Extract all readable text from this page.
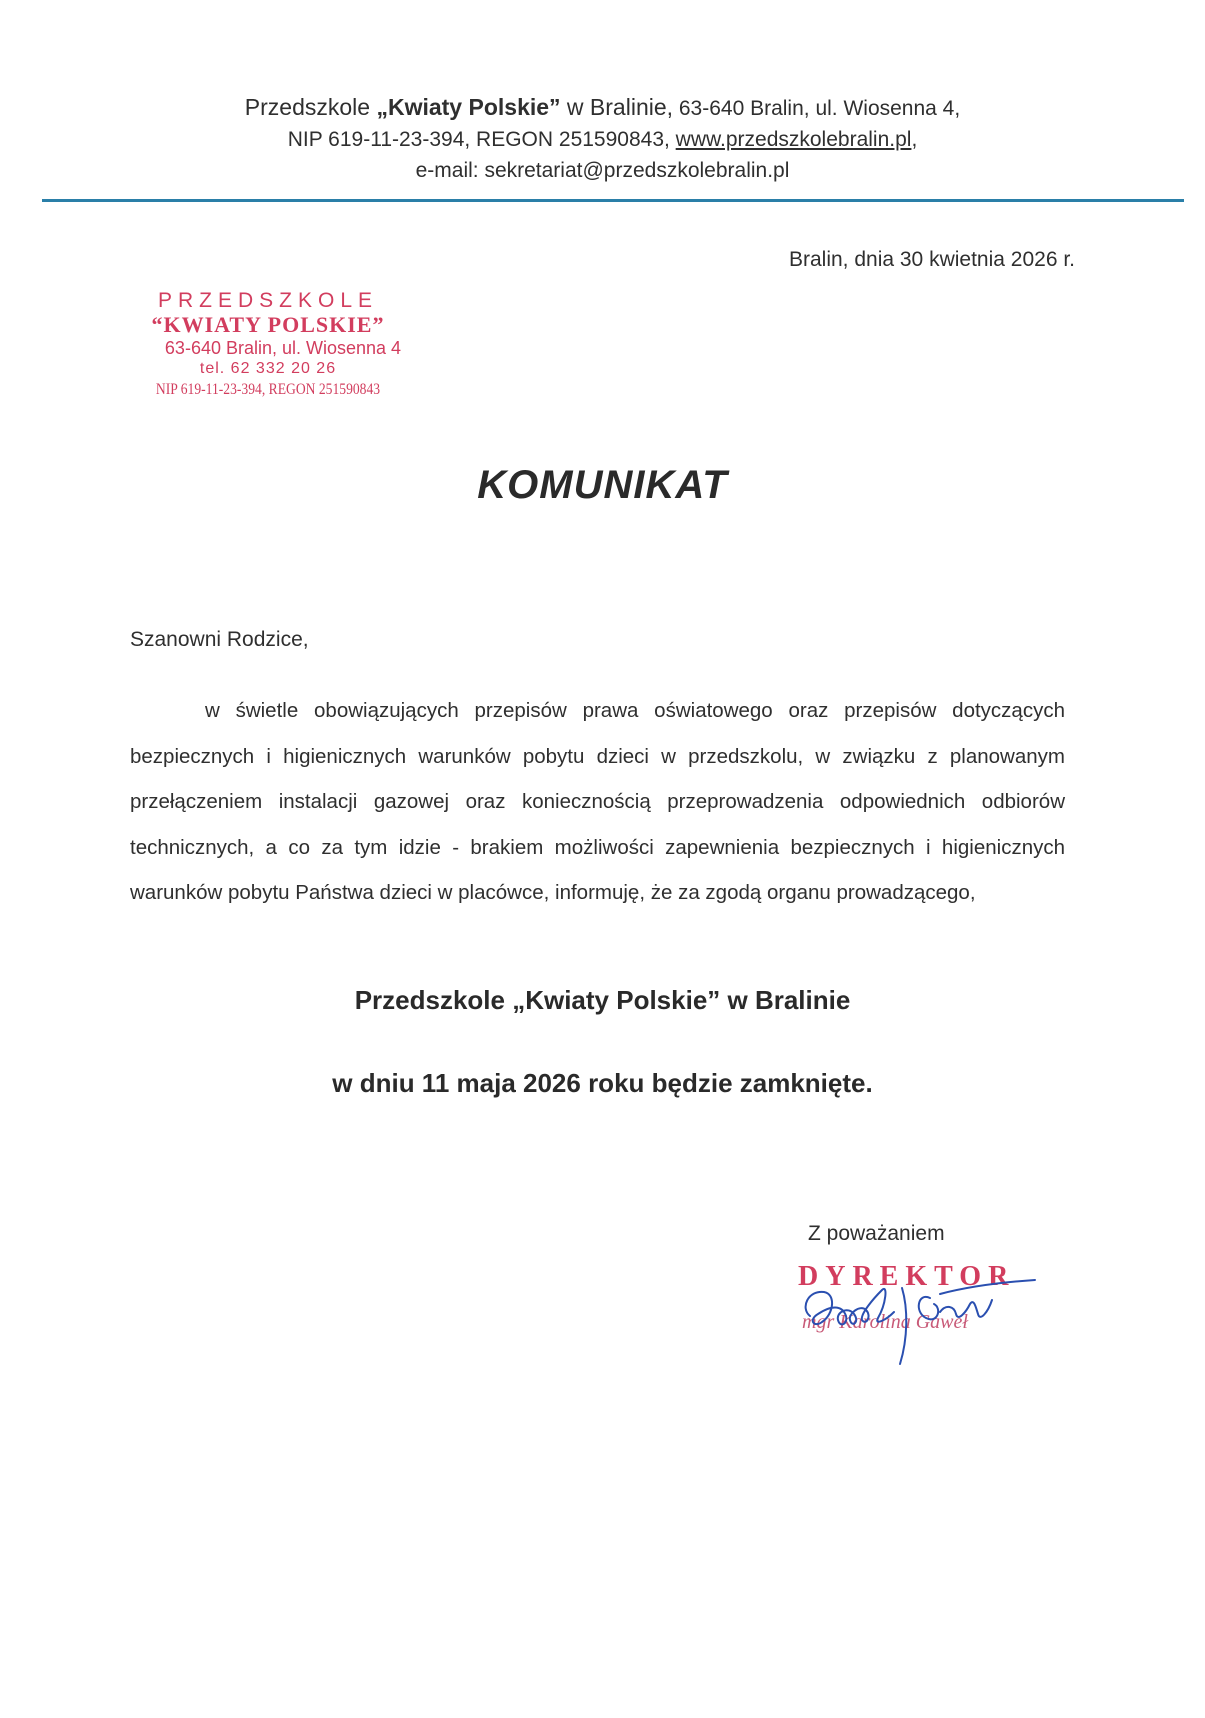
Przedszkole „Kwiaty Polskie” w Bralinie, 63-640 Bralin, ul. Wiosenna 4,
NIP 619-11-23-394, REGON 251590843, www.przedszkolebralin.pl,
e-mail: sekretariat@przedszkolebralin.pl
Bralin, dnia 30 kwietnia 2026 r.
PRZEDSZKOLE
“KWIATY POLSKIE”
63-640 Bralin, ul. Wiosenna 4
tel. 62 332 20 26
NIP 619-11-23-394, REGON 251590843
KOMUNIKAT
Szanowni Rodzice,
w świetle obowiązujących przepisów prawa oświatowego oraz przepisów dotyczących bezpiecznych i higienicznych warunków pobytu dzieci w przedszkolu, w związku z planowanym przełączeniem instalacji gazowej oraz koniecznością przeprowadzenia odpowiednich odbiorów technicznych, a co za tym idzie - brakiem możliwości zapewnienia bezpiecznych i higienicznych warunków pobytu Państwa dzieci w placówce, informuję, że za zgodą organu prowadzącego,
Przedszkole „Kwiaty Polskie” w Bralinie
w dniu 11 maja 2026 roku będzie zamknięte.
Z poważaniem
DYREKTOR
mgr Karolina Gaweł
